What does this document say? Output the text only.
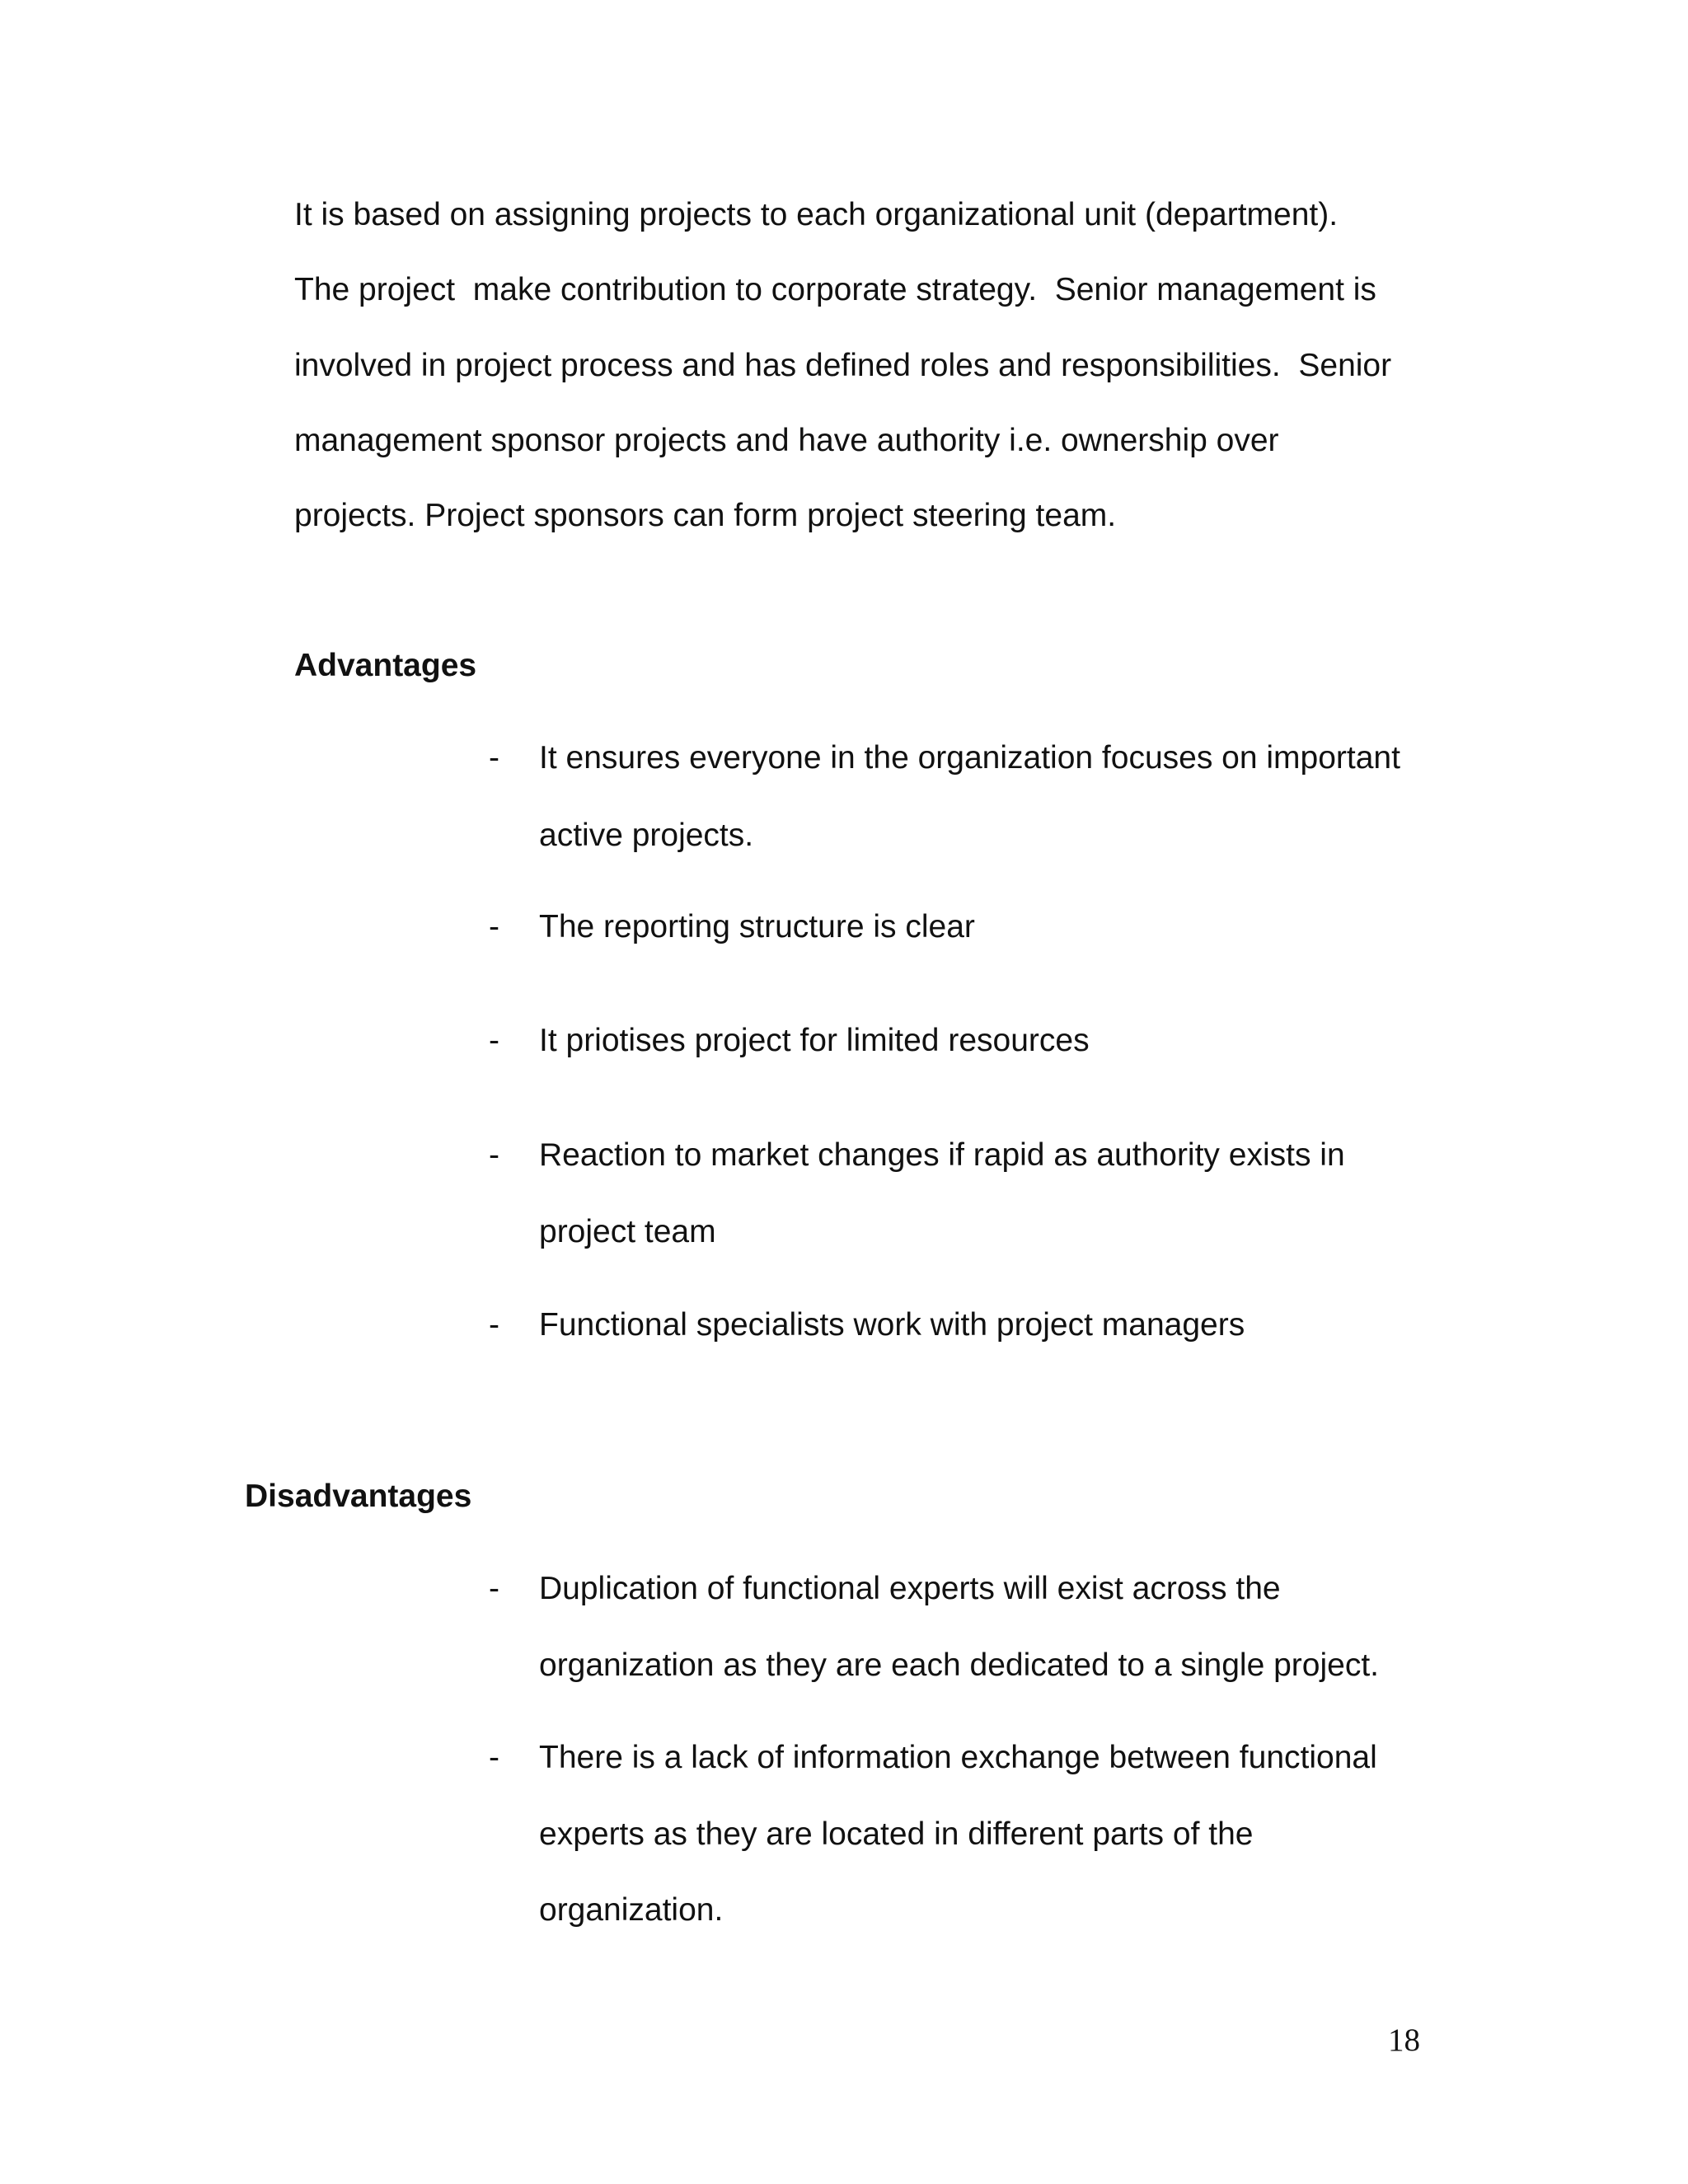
It is based on assigning projects to each organizational unit (department).
The project  make contribution to corporate strategy.  Senior management is
involved in project process and has defined roles and responsibilities.  Senior
management sponsor projects and have authority i.e. ownership over
projects. Project sponsors can form project steering team.
Advantages
- It ensures everyone in the organization focuses on important
active projects.
- The reporting structure is clear
- It priotises project for limited resources
- Reaction to market changes if rapid as authority exists in
project team
- Functional specialists work with project managers
Disadvantages
- Duplication of functional experts will exist across the
organization as they are each dedicated to a single project.
- There is a lack of information exchange between functional
experts as they are located in different parts of the
organization.
18
